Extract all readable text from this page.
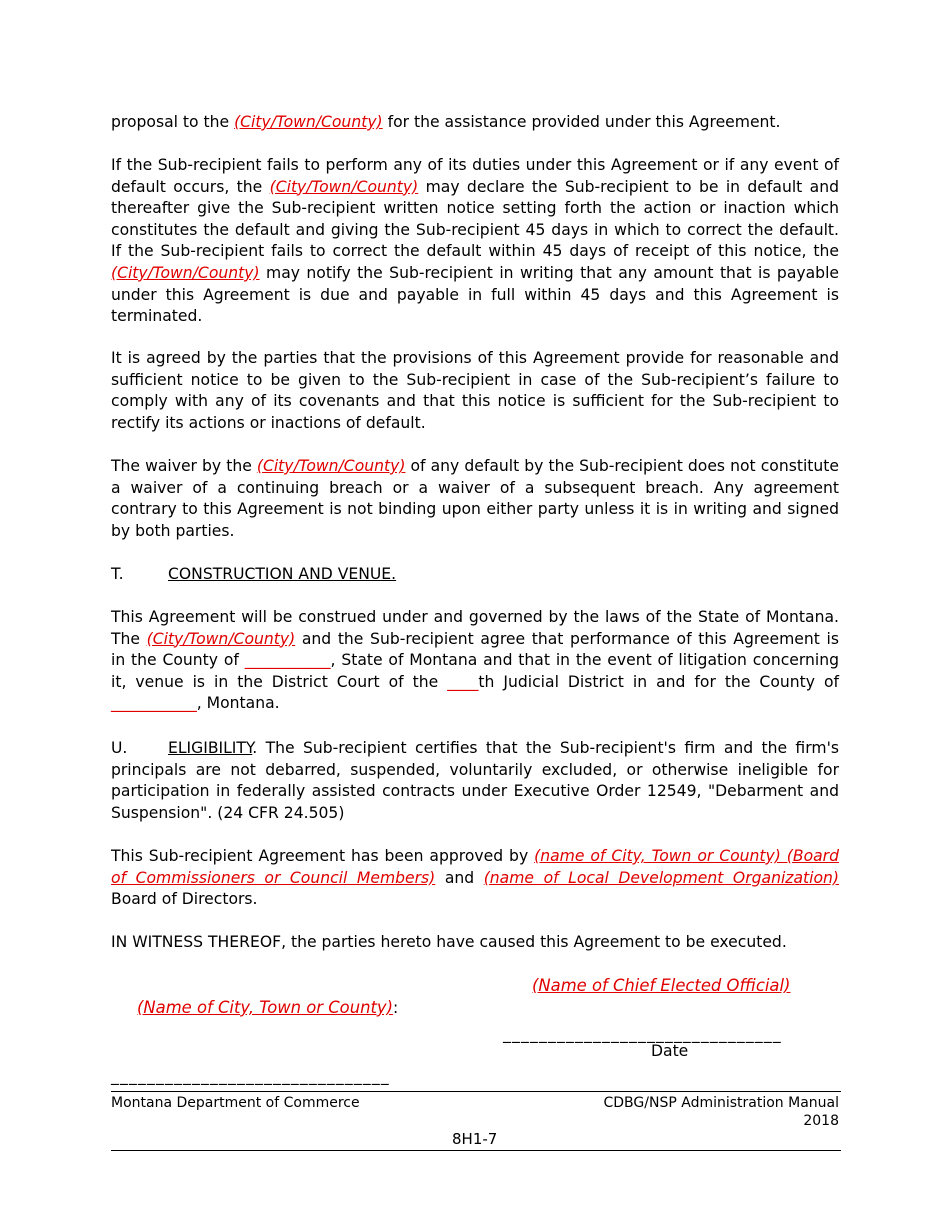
proposal to the (City/Town/County) for the assistance provided under this Agreement.

If the Sub-recipient fails to perform any of its duties under this Agreement or if any event of default occurs, the (City/Town/County) may declare the Sub-recipient to be in default and thereafter give the Sub-recipient written notice setting forth the action or inaction which constitutes the default and giving the Sub-recipient 45 days in which to correct the default. If the Sub-recipient fails to correct the default within 45 days of receipt of this notice, the (City/Town/County) may notify the Sub-recipient in writing that any amount that is payable under this Agreement is due and payable in full within 45 days and this Agreement is terminated.

It is agreed by the parties that the provisions of this Agreement provide for reasonable and sufficient notice to be given to the Sub-recipient in case of the Sub-recipient’s failure to comply with any of its covenants and that this notice is sufficient for the Sub-recipient to rectify its actions or inactions of default.

The waiver by the (City/Town/County) of any default by the Sub-recipient does not constitute a waiver of a continuing breach or a waiver of a subsequent breach. Any agreement contrary to this Agreement is not binding upon either party unless it is in writing and signed by both parties.

T.	CONSTRUCTION AND VENUE.

This Agreement will be construed under and governed by the laws of the State of Montana. The (City/Town/County) and the Sub-recipient agree that performance of this Agreement is in the County of ___________, State of Montana and that in the event of litigation concerning it, venue is in the District Court of the ____th Judicial District in and for the County of ___________, Montana.

U.	ELIGIBILITY. The Sub-recipient certifies that the Sub-recipient's firm and the firm's principals are not debarred, suspended, voluntarily excluded, or otherwise ineligible for participation in federally assisted contracts under Executive Order 12549, "Debarment and Suspension". (24 CFR 24.505)

This Sub-recipient Agreement has been approved by (name of City, Town or County) (Board of Commissioners or Council Members) and (name of Local Development Organization) Board of Directors.

IN WITNESS THEREOF, the parties hereto have caused this Agreement to be executed.

(Name of Chief Elected Official)
(Name of City, Town or County):
_______________________________
Date
_______________________________
Montana Department of Commerce	CDBG/NSP Administration Manual
2018
8H1-7
